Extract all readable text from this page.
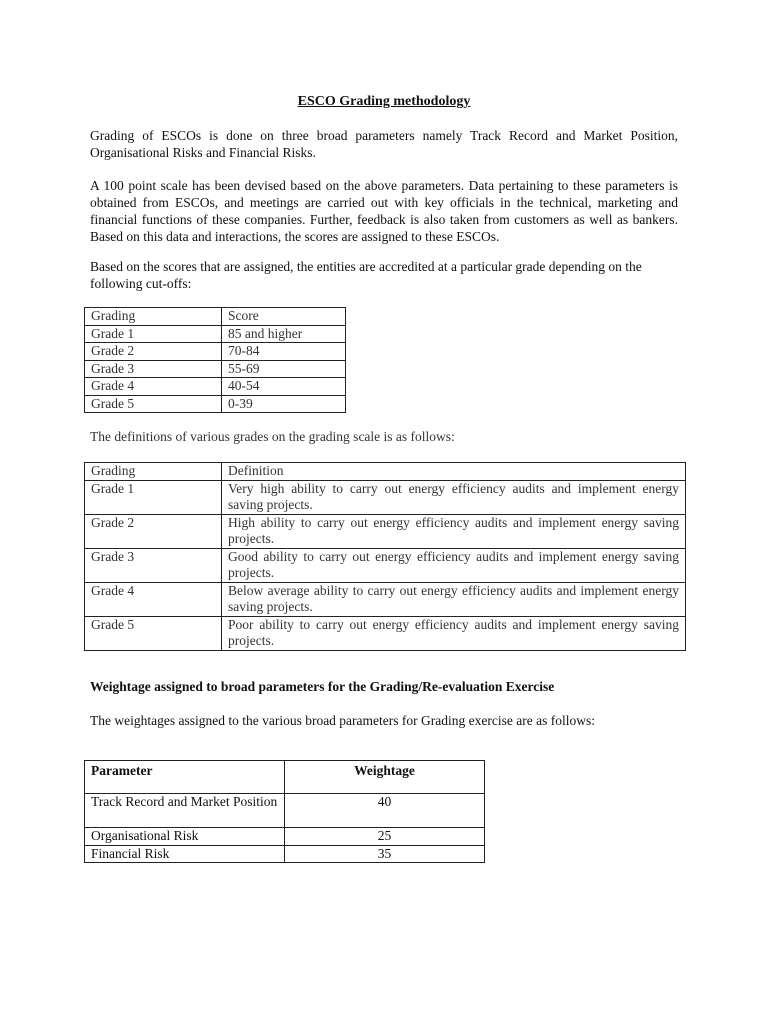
ESCO Grading methodology

Grading of ESCOs is done on three broad parameters namely Track Record and Market Position, Organisational Risks and Financial Risks.

A 100 point scale has been devised based on the above parameters. Data pertaining to these parameters is obtained from ESCOs, and meetings are carried out with key officials in the technical, marketing and financial functions of these companies. Further, feedback is also taken from customers as well as bankers. Based on this data and interactions, the scores are assigned to these ESCOs.

Based on the scores that are assigned, the entities are accredited at a particular grade depending on the following cut-offs:

Grading	Score
Grade 1	85 and higher
Grade 2	70-84
Grade 3	55-69
Grade 4	40-54
Grade 5	0-39

The definitions of various grades on the grading scale is as follows:

Grading	Definition
Grade 1	Very high ability to carry out energy efficiency audits and implement energy saving projects.
Grade 2	High ability to carry out energy efficiency audits and implement energy saving projects.
Grade 3	Good ability to carry out energy efficiency audits and implement energy saving projects.
Grade 4	Below average ability to carry out energy efficiency audits and implement energy saving projects.
Grade 5	Poor ability to carry out energy efficiency audits and implement energy saving projects.
Weightage assigned to broad parameters for the Grading/Re-evaluation Exercise

The weightages assigned to the various broad parameters for Grading exercise are as follows:

Parameter	Weightage
Track Record and Market Position	40
Organisational Risk	25
Financial Risk	35
